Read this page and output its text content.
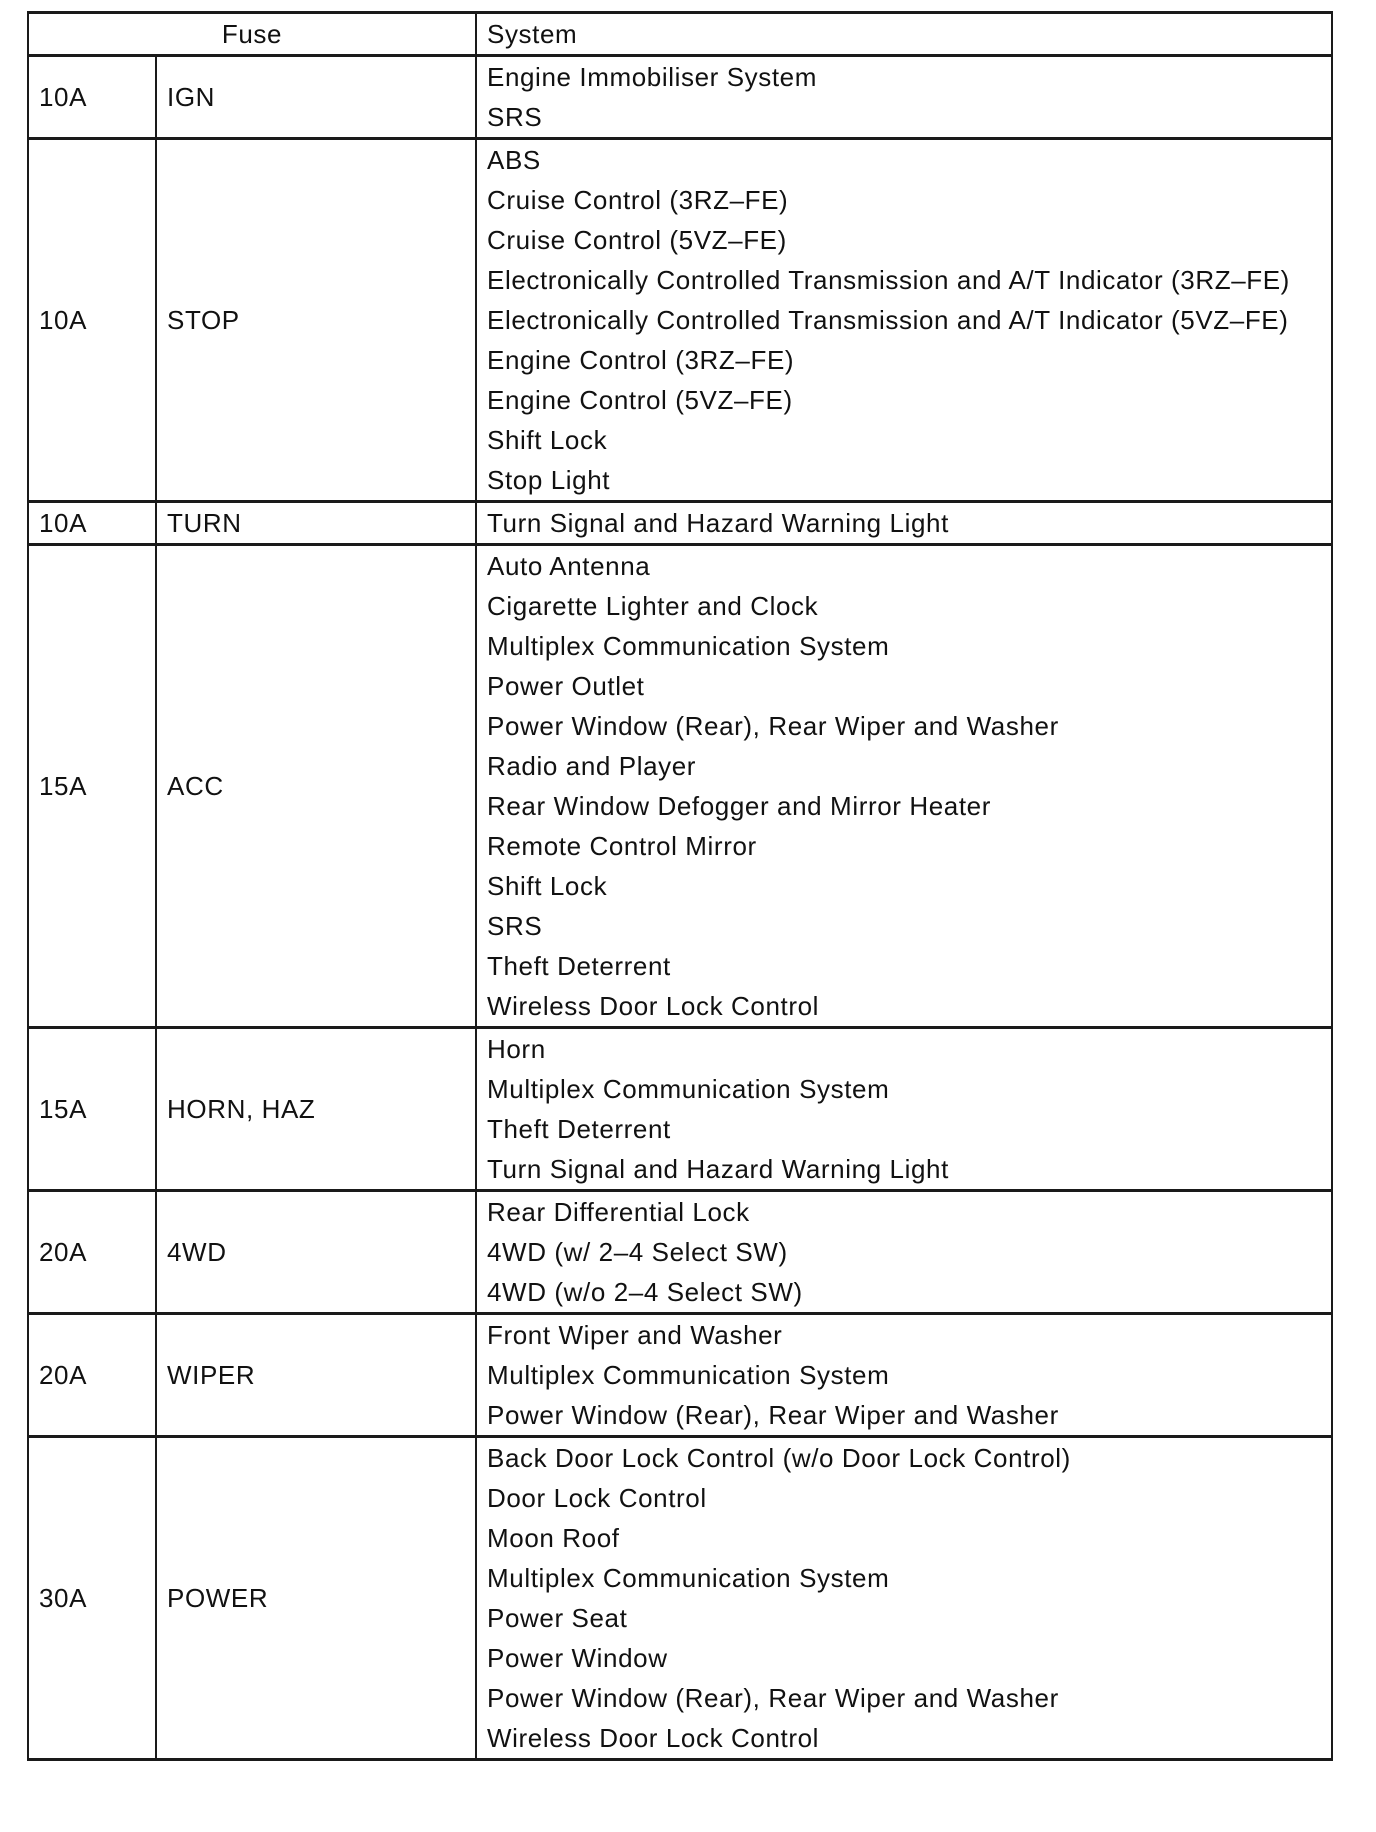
Fuse		System
10A	IGN	Engine Immobiliser System
		SRS
10A	STOP	ABS
		Cruise Control (3RZ–FE)
		Cruise Control (5VZ–FE)
		Electronically Controlled Transmission and A/T Indicator (3RZ–FE)
		Electronically Controlled Transmission and A/T Indicator (5VZ–FE)
		Engine Control (3RZ–FE)
		Engine Control (5VZ–FE)
		Shift Lock
		Stop Light
10A	TURN	Turn Signal and Hazard Warning Light
15A	ACC	Auto Antenna
		Cigarette Lighter and Clock
		Multiplex Communication System
		Power Outlet
		Power Window (Rear), Rear Wiper and Washer
		Radio and Player
		Rear Window Defogger and Mirror Heater
		Remote Control Mirror
		Shift Lock
		SRS
		Theft Deterrent
		Wireless Door Lock Control
15A	HORN, HAZ	Horn
		Multiplex Communication System
		Theft Deterrent
		Turn Signal and Hazard Warning Light
20A	4WD	Rear Differential Lock
		4WD (w/ 2–4 Select SW)
		4WD (w/o 2–4 Select SW)
20A	WIPER	Front Wiper and Washer
		Multiplex Communication System
		Power Window (Rear), Rear Wiper and Washer
30A	POWER	Back Door Lock Control (w/o Door Lock Control)
		Door Lock Control
		Moon Roof
		Multiplex Communication System
		Power Seat
		Power Window
		Power Window (Rear), Rear Wiper and Washer
		Wireless Door Lock Control
